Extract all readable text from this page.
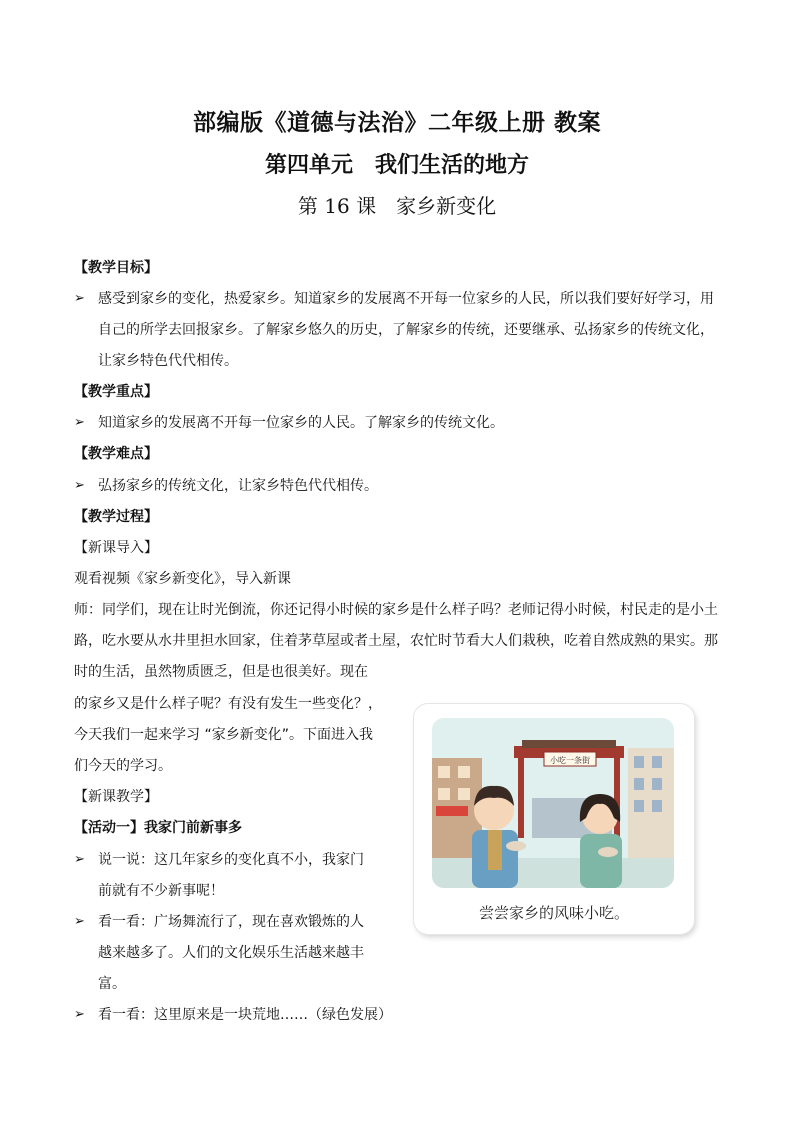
部编版《道德与法治》二年级上册 教案
第四单元　我们生活的地方
第 16 课　家乡新变化
【教学目标】
➢ 感受到家乡的变化，热爱家乡。知道家乡的发展离不开每一位家乡的人民，所以我们要好好学习，用
自己的所学去回报家乡。了解家乡悠久的历史，了解家乡的传统，还要继承、弘扬家乡的传统文化，
让家乡特色代代相传。
【教学重点】
➢ 知道家乡的发展离不开每一位家乡的人民。了解家乡的传统文化。
【教学难点】
➢ 弘扬家乡的传统文化，让家乡特色代代相传。
【教学过程】
【新课导入】
观看视频《家乡新变化》，导入新课
师：同学们，现在让时光倒流，你还记得小时候的家乡是什么样子吗？老师记得小时候，村民走的是小土
路，吃水要从水井里担水回家，住着茅草屋或者土屋，农忙时节看大人们栽秧，吃着自然成熟的果实。那
时的生活，虽然物质匮乏，但是也很美好。现在
的家乡又是什么样子呢？有没有发生一些变化？，
今天我们一起来学习 “家乡新变化”。下面进入我
们今天的学习。
【新课教学】
【活动一】我家门前新事多
➢ 说一说：这几年家乡的变化真不小，我家门
前就有不少新事呢！
➢ 看一看：广场舞流行了，现在喜欢锻炼的人
越来越多了。人们的文化娱乐生活越来越丰
富。
➢ 看一看：这里原来是一块荒地……（绿色发展）
小吃一条街
尝尝家乡的风味小吃。
